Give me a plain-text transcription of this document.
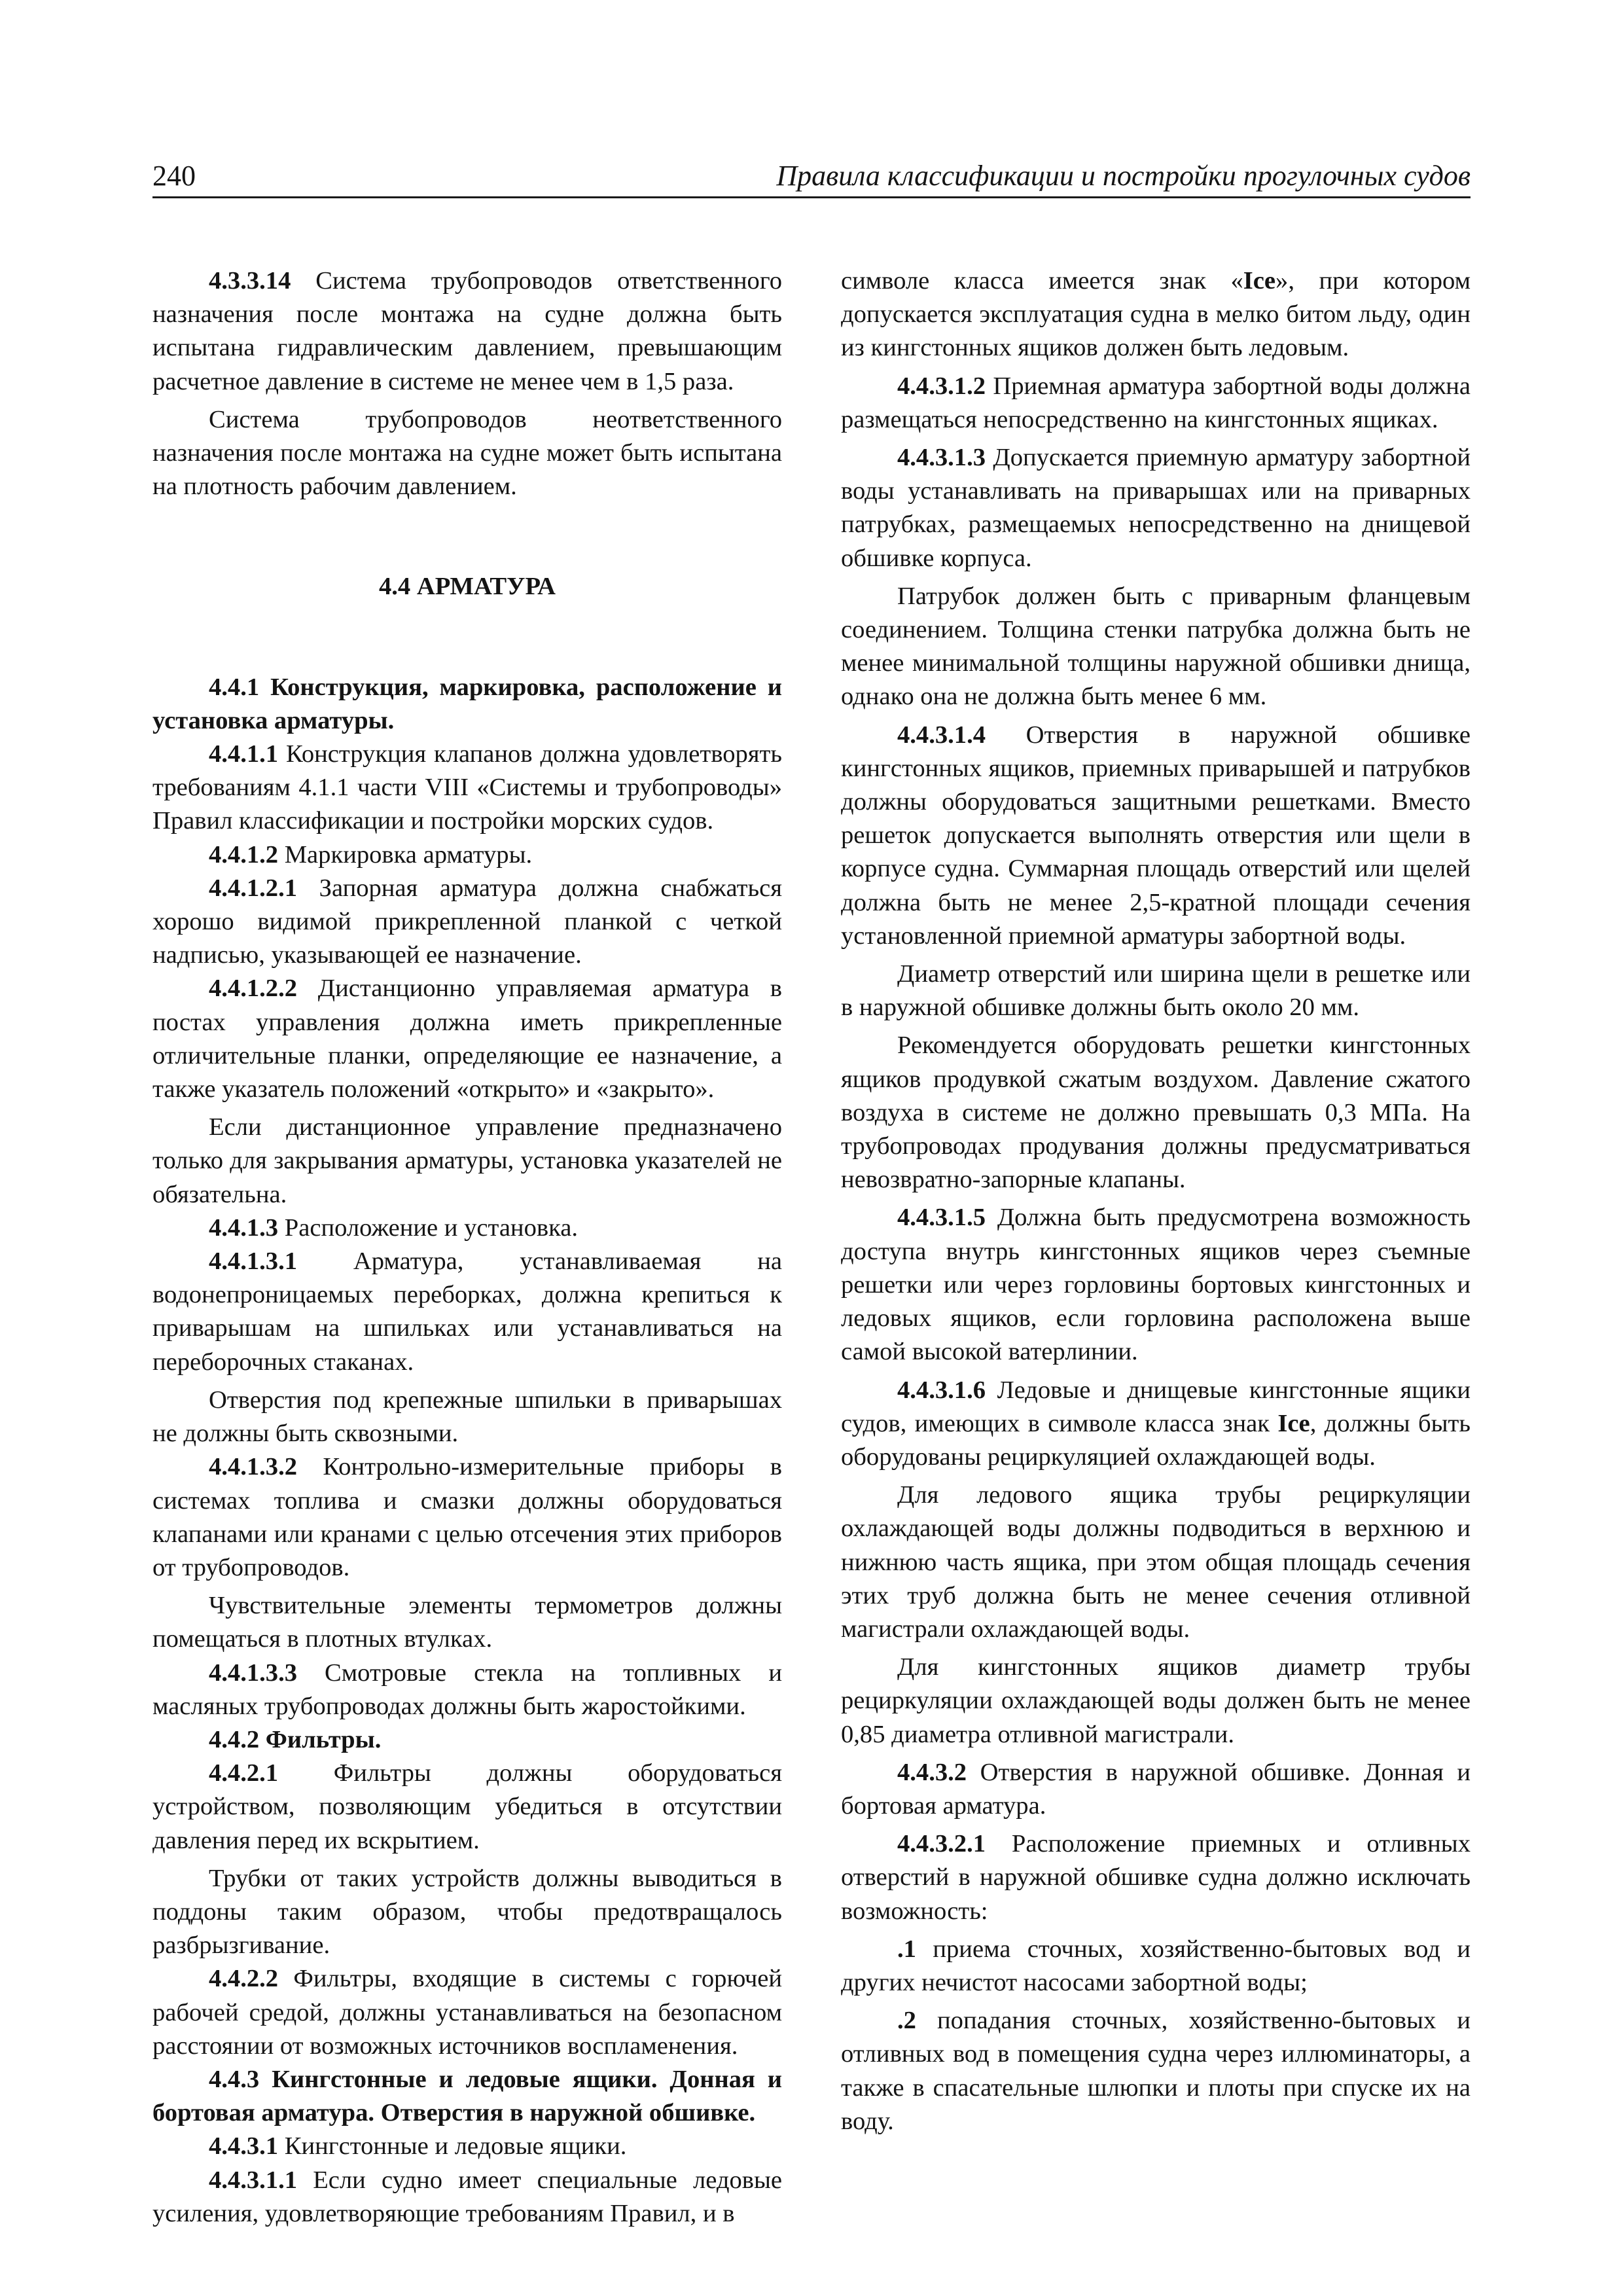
240	Правила классификации и постройки прогулочных судов

4.3.3.14 Система трубопроводов ответственного назначения после монтажа на судне должна быть испытана гидравлическим давлением, превышающим расчетное давление в системе не менее чем в 1,5 раза.

Система трубопроводов неответственного назначения после монтажа на судне может быть испытана на плотность рабочим давлением.

4.4 АРМАТУРА

4.4.1 Конструкция, маркировка, расположение и установка арматуры.

4.4.1.1 Конструкция клапанов должна удовлетворять требованиям 4.1.1 части VIII «Системы и трубопроводы» Правил классификации и постройки морских судов.

4.4.1.2 Маркировка арматуры.

4.4.1.2.1 Запорная арматура должна снабжаться хорошо видимой прикрепленной планкой с четкой надписью, указывающей ее назначение.

4.4.1.2.2 Дистанционно управляемая арматура в постах управления должна иметь прикрепленные отличительные планки, определяющие ее назначение, а также указатель положений «открыто» и «закрыто».

Если дистанционное управление предназначено только для закрывания арматуры, установка указателей не обязательна.

4.4.1.3 Расположение и установка.

4.4.1.3.1 Арматура, устанавливаемая на водонепроницаемых переборках, должна крепиться к приварышам на шпильках или устанавливаться на переборочных стаканах.

Отверстия под крепежные шпильки в приварышах не должны быть сквозными.

4.4.1.3.2 Контрольно-измерительные приборы в системах топлива и смазки должны оборудоваться клапанами или кранами с целью отсечения этих приборов от трубопроводов.

Чувствительные элементы термометров должны помещаться в плотных втулках.

4.4.1.3.3 Смотровые стекла на топливных и масляных трубопроводах должны быть жаростойкими.

4.4.2 Фильтры.

4.4.2.1 Фильтры должны оборудоваться устройством, позволяющим убедиться в отсутствии давления перед их вскрытием.

Трубки от таких устройств должны выводиться в поддоны таким образом, чтобы предотвращалось разбрызгивание.

4.4.2.2 Фильтры, входящие в системы с горючей рабочей средой, должны устанавливаться на безопасном расстоянии от возможных источников воспламенения.

4.4.3 Кингстонные и ледовые ящики. Донная и бортовая арматура. Отверстия в наружной обшивке.

4.4.3.1 Кингстонные и ледовые ящики.

4.4.3.1.1 Если судно имеет специальные ледовые усиления, удовлетворяющие требованиям Правил, и в

символе класса имеется знак «Ice», при котором допускается эксплуатация судна в мелко битом льду, один из кингстонных ящиков должен быть ледовым.

4.4.3.1.2 Приемная арматура забортной воды должна размещаться непосредственно на кингстонных ящиках.

4.4.3.1.3 Допускается приемную арматуру забортной воды устанавливать на приварышах или на приварных патрубках, размещаемых непосредственно на днищевой обшивке корпуса.

Патрубок должен быть с приварным фланцевым соединением. Толщина стенки патрубка должна быть не менее минимальной толщины наружной обшивки днища, однако она не должна быть менее 6 мм.

4.4.3.1.4 Отверстия в наружной обшивке кингстонных ящиков, приемных приварышей и патрубков должны оборудоваться защитными решетками. Вместо решеток допускается выполнять отверстия или щели в корпусе судна. Суммарная площадь отверстий или щелей должна быть не менее 2,5-кратной площади сечения установленной приемной арматуры забортной воды.

Диаметр отверстий или ширина щели в решетке или в наружной обшивке должны быть около 20 мм.

Рекомендуется оборудовать решетки кингстонных ящиков продувкой сжатым воздухом. Давление сжатого воздуха в системе не должно превышать 0,3 МПа. На трубопроводах продувания должны предусматриваться невозвратно-запорные клапаны.

4.4.3.1.5 Должна быть предусмотрена возможность доступа внутрь кингстонных ящиков через съемные решетки или через горловины бортовых кингстонных и ледовых ящиков, если горловина расположена выше самой высокой ватерлинии.

4.4.3.1.6 Ледовые и днищевые кингстонные ящики судов, имеющих в символе класса знак Ice, должны быть оборудованы рециркуляцией охлаждающей воды.

Для ледового ящика трубы рециркуляции охлаждающей воды должны подводиться в верхнюю и нижнюю часть ящика, при этом общая площадь сечения этих труб должна быть не менее сечения отливной магистрали охлаждающей воды.

Для кингстонных ящиков диаметр трубы рециркуляции охлаждающей воды должен быть не менее 0,85 диаметра отливной магистрали.

4.4.3.2 Отверстия в наружной обшивке. Донная и бортовая арматура.

4.4.3.2.1 Расположение приемных и отливных отверстий в наружной обшивке судна должно исключать возможность:

.1 приема сточных, хозяйственно-бытовых вод и других нечистот насосами забортной воды;

.2 попадания сточных, хозяйственно-бытовых и отливных вод в помещения судна через иллюминаторы, а также в спасательные шлюпки и плоты при спуске их на воду.
